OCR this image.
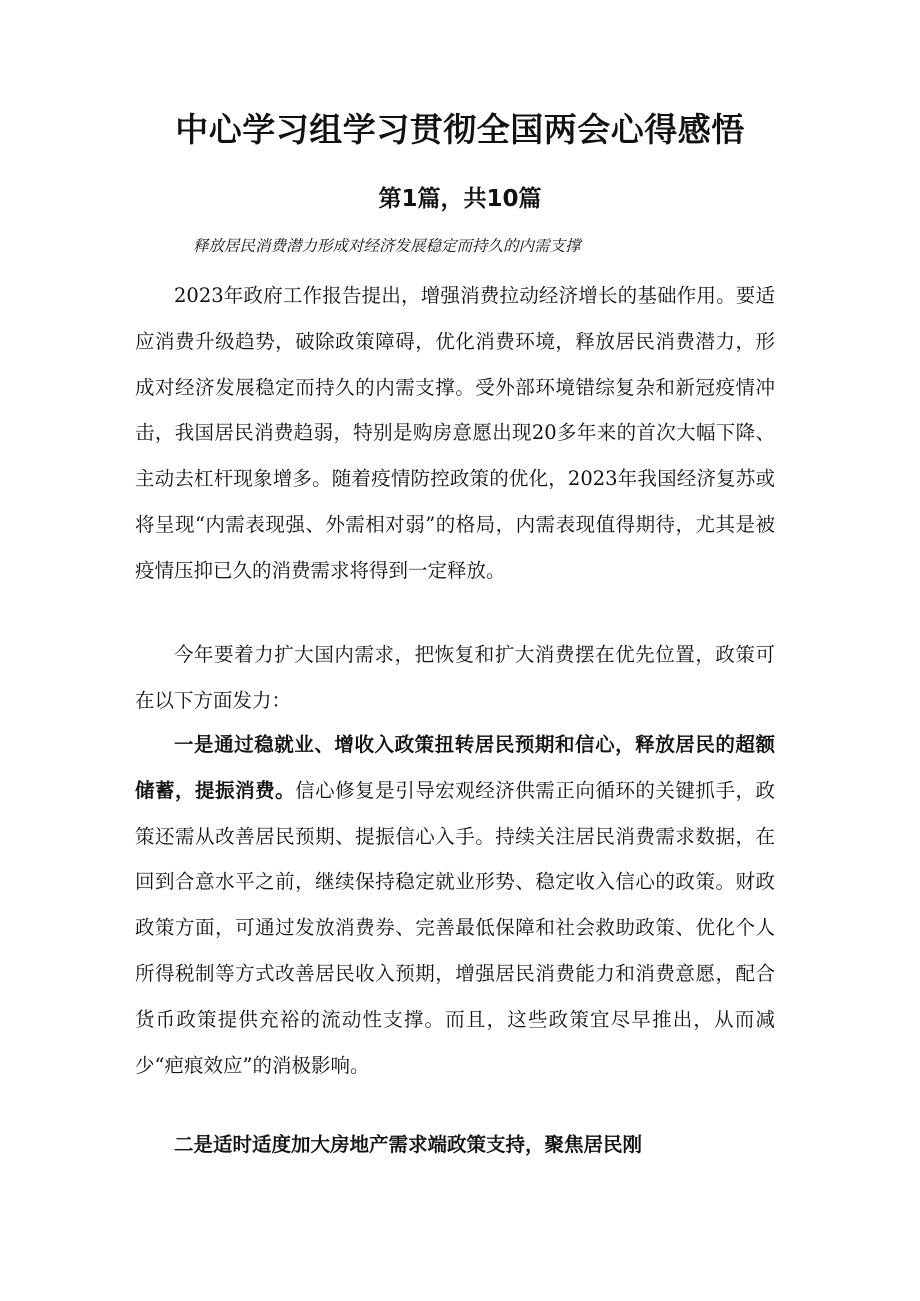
中心学习组学习贯彻全国两会心得感悟
第1篇，共10篇
释放居民消费潜力形成对经济发展稳定而持久的内需支撑

2023年政府工作报告提出，增强消费拉动经济增长的基础作用。要适应消费升级趋势，破除政策障碍，优化消费环境，释放居民消费潜力，形成对经济发展稳定而持久的内需支撑。受外部环境错综复杂和新冠疫情冲击，我国居民消费趋弱，特别是购房意愿出现20多年来的首次大幅下降、主动去杠杆现象增多。随着疫情防控政策的优化，2023年我国经济复苏或将呈现“内需表现强、外需相对弱”的格局，内需表现值得期待，尤其是被疫情压抑已久的消费需求将得到一定释放。

今年要着力扩大国内需求，把恢复和扩大消费摆在优先位置，政策可在以下方面发力：

一是通过稳就业、增收入政策扭转居民预期和信心，释放居民的超额储蓄，提振消费。信心修复是引导宏观经济供需正向循环的关键抓手，政策还需从改善居民预期、提振信心入手。持续关注居民消费需求数据，在回到合意水平之前，继续保持稳定就业形势、稳定收入信心的政策。财政政策方面，可通过发放消费券、完善最低保障和社会救助政策、优化个人所得税制等方式改善居民收入预期，增强居民消费能力和消费意愿，配合货币政策提供充裕的流动性支撑。而且，这些政策宜尽早推出，从而减少“疤痕效应”的消极影响。

二是适时适度加大房地产需求端政策支持，聚焦居民刚
